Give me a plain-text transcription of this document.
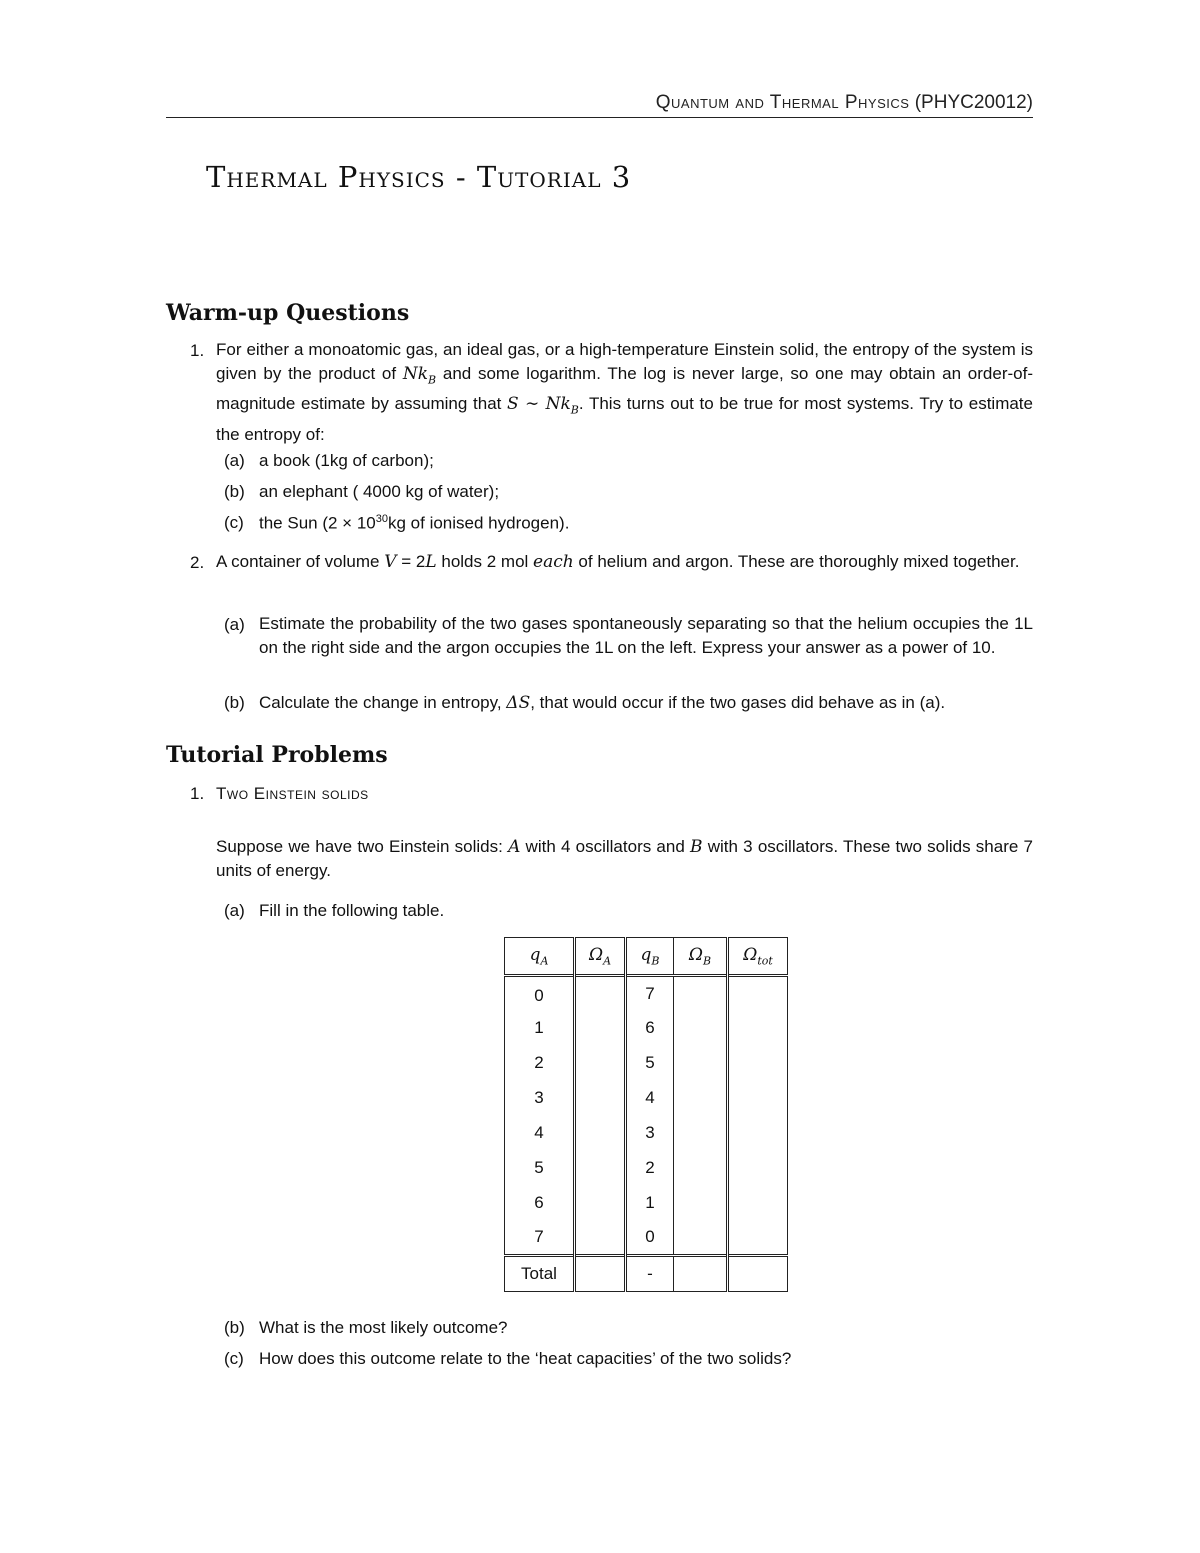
Quantum and Thermal Physics (PHYC20012)
Thermal Physics - Tutorial 3
Warm-up Questions
1. For either a monoatomic gas, an ideal gas, or a high-temperature Einstein solid, the entropy of the system is given by the product of $Nk_B$ and some logarithm. The log is never large, so one may obtain an order-of-magnitude estimate by assuming that S ∼ $Nk_B$. This turns out to be true for most systems. Try to estimate the entropy of:
(a) a book (1kg of carbon);
(b) an elephant ( 4000 kg of water);
(c) the Sun ($2 \times 10^{30}kg$ of ionised hydrogen).
2. A container of volume V = 2L holds 2 mol each of helium and argon. These are thoroughly mixed together.
(a) Estimate the probability of the two gases spontaneously separating so that the helium occupies the 1L on the right side and the argon occupies the 1L on the left. Express your answer as a power of 10.
(b) Calculate the change in entropy, ΔS, that would occur if the two gases did behave as in (a).
Tutorial Problems
1. Two Einstein solids
Suppose we have two Einstein solids: A with 4 oscillators and B with 3 oscillators. These two solids share 7 units of energy.
(a) Fill in the following table.
$q_A$	$\Omega_A$	$q_B$	$\Omega_B$	$\Omega_{tot}$
0		7		
1		6		
2		5		
3		4		
4		3		
5		2		
6		1		
7		0		
Total		-		
(b) What is the most likely outcome?
(c) How does this outcome relate to the ‘heat capacities’ of the two solids?
